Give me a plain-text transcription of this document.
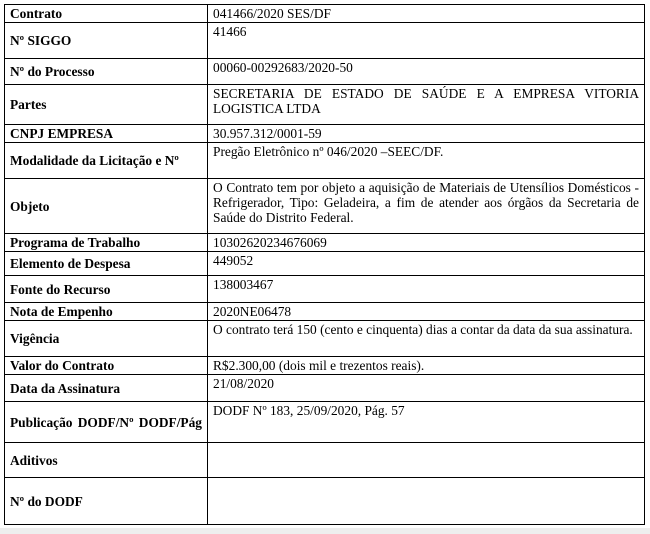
Contrato	041466/2020 SES/DF
Nº SIGGO	41466
Nº do Processo	00060-00292683/2020-50
Partes	SECRETARIA DE ESTADO DE SAÚDE E A EMPRESA VITORIA LOGISTICA LTDA
CNPJ EMPRESA	30.957.312/0001-59
Modalidade da Licitação e Nº	Pregão Eletrônico nº 046/2020 –SEEC/DF.
Objeto	O Contrato tem por objeto a aquisição de Materiais de Utensílios Domésticos -Refrigerador, Tipo: Geladeira, a fim de atender aos órgãos da Secretaria de Saúde do Distrito Federal.
Programa de Trabalho	10302620234676069
Elemento de Despesa	449052
Fonte do Recurso	138003467
Nota de Empenho	2020NE06478
Vigência	O contrato terá 150 (cento e cinquenta) dias a contar da data da sua assinatura.
Valor do Contrato	R$2.300,00 (dois mil e trezentos reais).
Data da Assinatura	21/08/2020
Publicação DODF/Nº DODF/Pág	DODF Nº 183, 25/09/2020, Pág. 57
Aditivos	
Nº do DODF	
